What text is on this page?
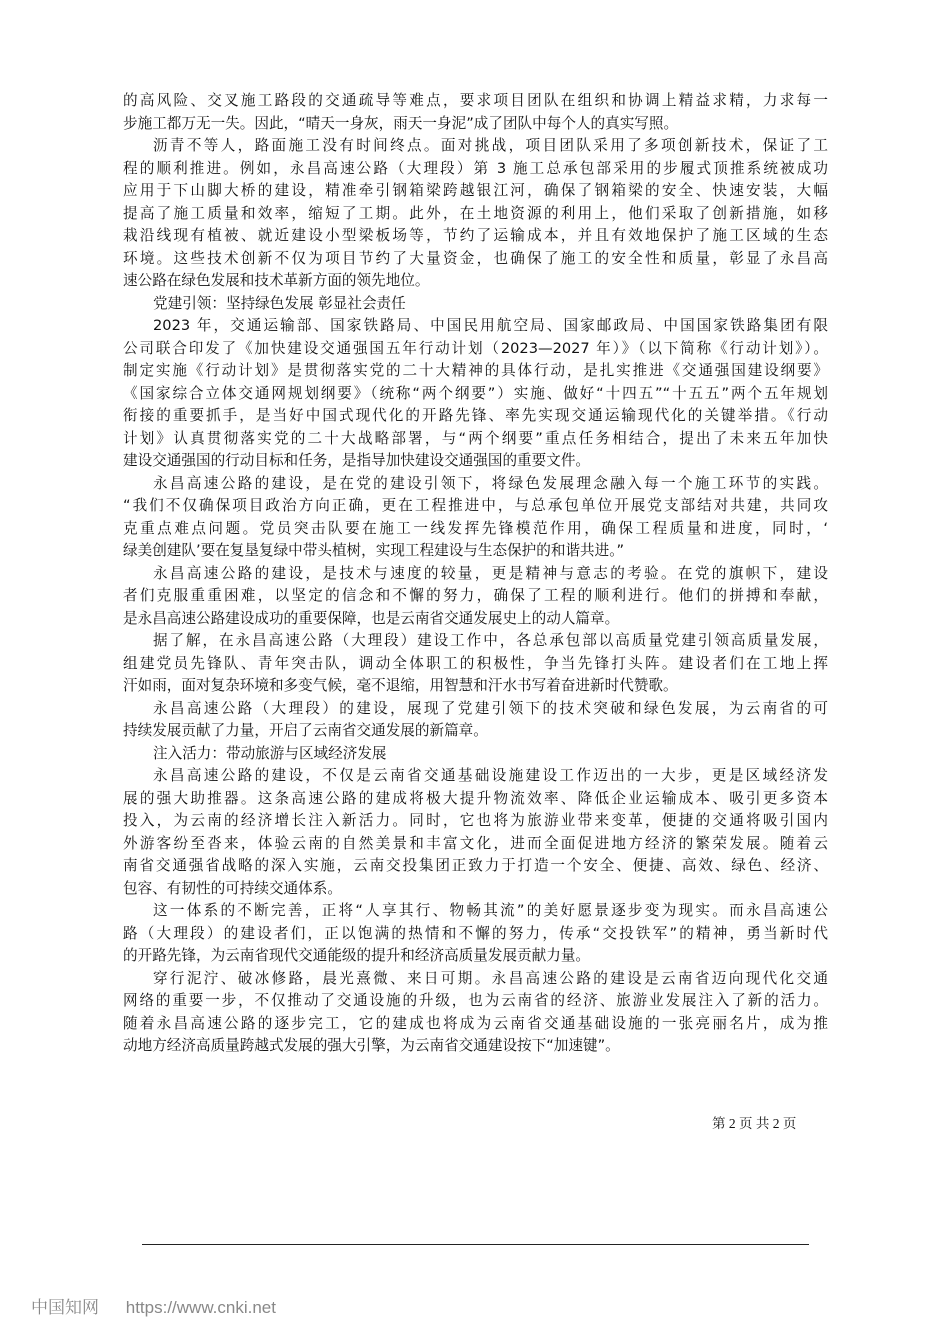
的高风险、交叉施工路段的交通疏导等难点，要求项目团队在组织和协调上精益求精，力求每一
步施工都万无一失。因此，“晴天一身灰，雨天一身泥”成了团队中每个人的真实写照。
沥青不等人，路面施工没有时间终点。面对挑战，项目团队采用了多项创新技术，保证了工
程的顺利推进。例如，永昌高速公路（大理段）第 3 施工总承包部采用的步履式顶推系统被成功
应用于下山脚大桥的建设，精准牵引钢箱梁跨越银江河，确保了钢箱梁的安全、快速安装，大幅
提高了施工质量和效率，缩短了工期。此外，在土地资源的利用上，他们采取了创新措施，如移
栽沿线现有植被、就近建设小型梁板场等，节约了运输成本，并且有效地保护了施工区域的生态
环境。这些技术创新不仅为项目节约了大量资金，也确保了施工的安全性和质量，彰显了永昌高
速公路在绿色发展和技术革新方面的领先地位。
党建引领：坚持绿色发展 彰显社会责任
2023 年，交通运输部、国家铁路局、中国民用航空局、国家邮政局、中国国家铁路集团有限
公司联合印发了《加快建设交通强国五年行动计划（2023—2027 年）》（以下简称《行动计划》）。
制定实施《行动计划》是贯彻落实党的二十大精神的具体行动，是扎实推进《交通强国建设纲要》
《国家综合立体交通网规划纲要》（统称“两个纲要”）实施、做好“十四五”“十五五”两个五年规划
衔接的重要抓手，是当好中国式现代化的开路先锋、率先实现交通运输现代化的关键举措。《行动
计划》认真贯彻落实党的二十大战略部署，与“两个纲要”重点任务相结合，提出了未来五年加快
建设交通强国的行动目标和任务，是指导加快建设交通强国的重要文件。
永昌高速公路的建设，是在党的建设引领下，将绿色发展理念融入每一个施工环节的实践。
“我们不仅确保项目政治方向正确，更在工程推进中，与总承包单位开展党支部结对共建，共同攻
克重点难点问题。党员突击队要在施工一线发挥先锋模范作用，确保工程质量和进度，同时，‘
绿美创建队’要在复垦复绿中带头植树，实现工程建设与生态保护的和谐共进。”
永昌高速公路的建设，是技术与速度的较量，更是精神与意志的考验。在党的旗帜下，建设
者们克服重重困难，以坚定的信念和不懈的努力，确保了工程的顺利进行。他们的拼搏和奉献，
是永昌高速公路建设成功的重要保障，也是云南省交通发展史上的动人篇章。
据了解，在永昌高速公路（大理段）建设工作中，各总承包部以高质量党建引领高质量发展，
组建党员先锋队、青年突击队，调动全体职工的积极性，争当先锋打头阵。建设者们在工地上挥
汗如雨，面对复杂环境和多变气候，毫不退缩，用智慧和汗水书写着奋进新时代赞歌。
永昌高速公路（大理段）的建设，展现了党建引领下的技术突破和绿色发展，为云南省的可
持续发展贡献了力量，开启了云南省交通发展的新篇章。
注入活力：带动旅游与区域经济发展
永昌高速公路的建设，不仅是云南省交通基础设施建设工作迈出的一大步，更是区域经济发
展的强大助推器。这条高速公路的建成将极大提升物流效率、降低企业运输成本、吸引更多资本
投入，为云南的经济增长注入新活力。同时，它也将为旅游业带来变革，便捷的交通将吸引国内
外游客纷至沓来，体验云南的自然美景和丰富文化，进而全面促进地方经济的繁荣发展。随着云
南省交通强省战略的深入实施，云南交投集团正致力于打造一个安全、便捷、高效、绿色、经济、
包容、有韧性的可持续交通体系。
这一体系的不断完善，正将“人享其行、物畅其流”的美好愿景逐步变为现实。而永昌高速公
路（大理段）的建设者们，正以饱满的热情和不懈的努力，传承“交投铁军”的精神，勇当新时代
的开路先锋，为云南省现代交通能级的提升和经济高质量发展贡献力量。
穿行泥泞、破冰修路，晨光熹微、来日可期。永昌高速公路的建设是云南省迈向现代化交通
网络的重要一步，不仅推动了交通设施的升级，也为云南省的经济、旅游业发展注入了新的活力。
随着永昌高速公路的逐步完工，它的建成也将成为云南省交通基础设施的一张亮丽名片，成为推
动地方经济高质量跨越式发展的强大引擎，为云南省交通建设按下“加速键”。
第 2 页 共 2 页
中国知网 https://www.cnki.net
